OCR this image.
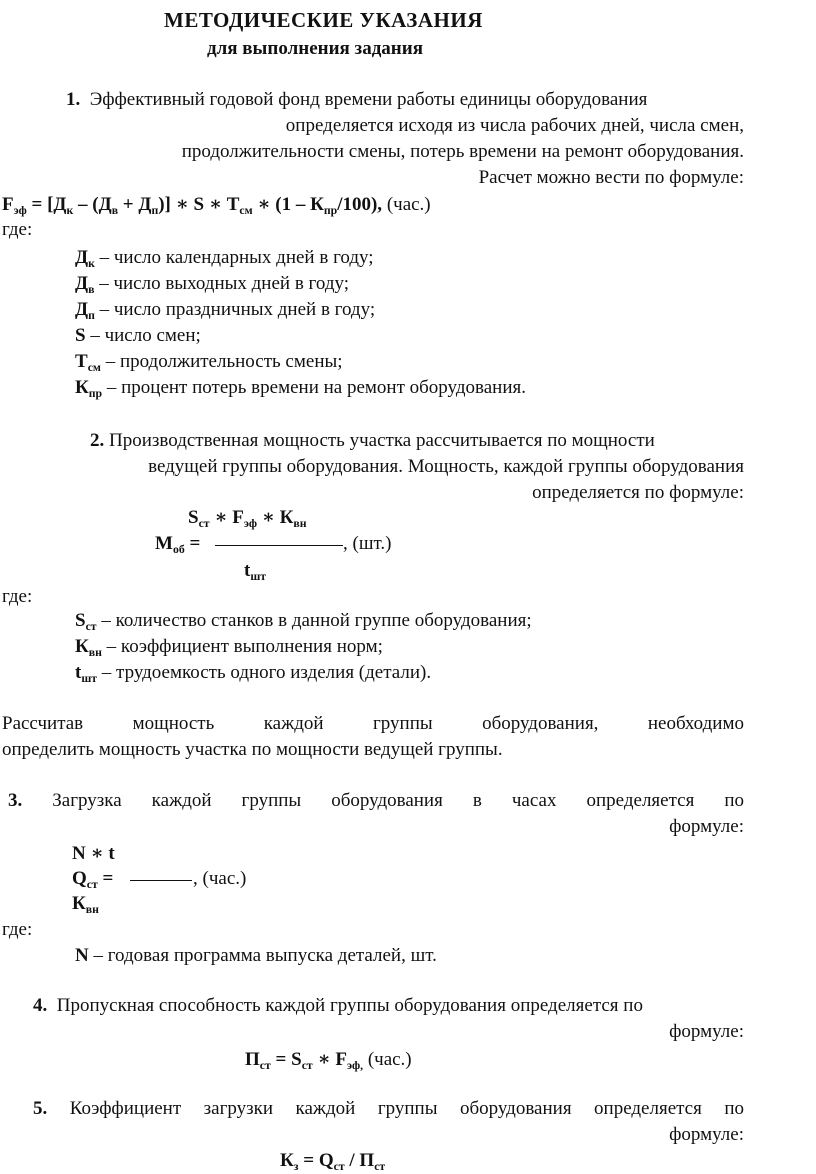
МЕТОДИЧЕСКИЕ УКАЗАНИЯ
для выполнения задания
1. Эффективный годовой фонд времени работы единицы оборудования
определяется исходя из числа рабочих дней, числа смен,
продолжительности смены, потерь времени на ремонт оборудования.
Расчет можно вести по формуле:
$F_{эф} = [Д_к - (Д_в + Д_п)]$ ∗ S ∗ $Т_{см}$ ∗ $(1 - К_{пр}/100)$, (час.)
где:
$Д_к$ – число календарных дней в году;
$Д_в$ – число выходных дней в году;
$Д_п$ – число праздничных дней в году;
S – число смен;
$Т_{см}$ – продолжительность смены;
$К_{пр}$ – процент потерь времени на ремонт оборудования.
2. Производственная мощность участка рассчитывается по мощности
ведущей группы оборудования. Мощность, каждой группы оборудования
определяется по формуле:
$S_{ст}$ ∗ $F_{эф}$ ∗ $К_{вн}$
$М_{об}$ =	, (шт.)
$t_{шт}$
где:
$S_{ст}$ – количество станков в данной группе оборудования;
$К_{вн}$ – коэффициент выполнения норм;
$t_{шт}$ – трудоемкость одного изделия (детали).
Рассчитав мощность каждой группы оборудования, необходимо
определить мощность участка по мощности ведущей группы.
3. Загрузка каждой группы оборудования в часах определяется по
формуле:
N ∗ t
$Q_{ст}$ =	, (час.)
$К_{вн}$
где:
N – годовая программа выпуска деталей, шт.
4. Пропускная способность каждой группы оборудования определяется по
формуле:
$П_{ст} = S_{ст}$ ∗ $F_{эф,}$ (час.)
5. Коэффициент загрузки каждой группы оборудования определяется по
формуле:
$К_з = Q_{ст} / П_{ст}$
